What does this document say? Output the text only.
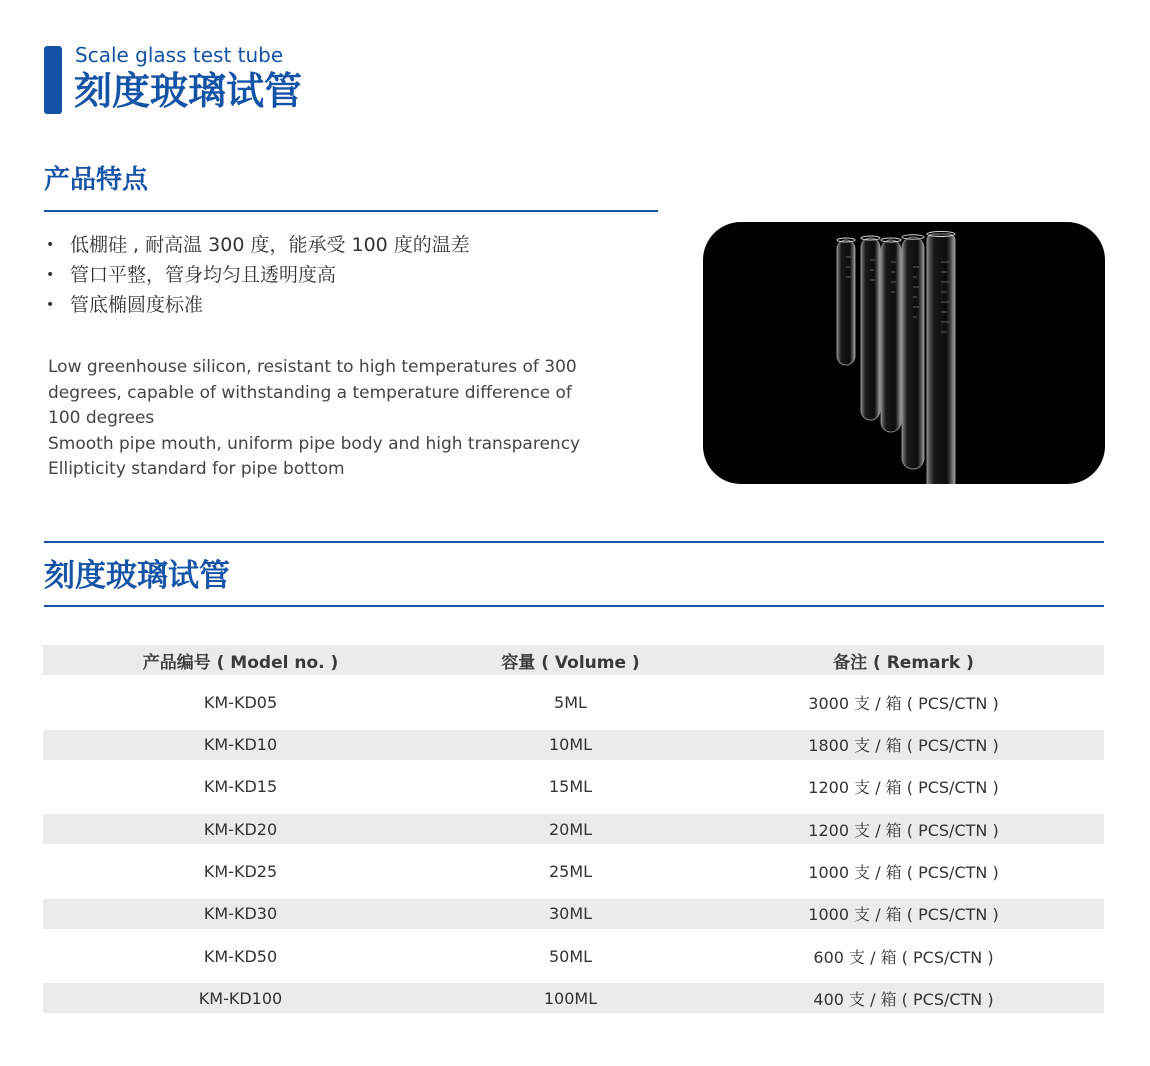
Scale glass test tube
刻度玻璃试管
产品特点
• 低棚硅 , 耐高温 300 度，能承受 100 度的温差
• 管口平整，管身均匀且透明度高
• 管底椭圆度标准
Low greenhouse silicon, resistant to high temperatures of 300 degrees, capable of withstanding a temperature difference of 100 degrees
Smooth pipe mouth, uniform pipe body and high transparency
Ellipticity standard for pipe bottom
刻度玻璃试管
产品编号 ( Model no. )	容量 ( Volume )	备注 ( Remark )
KM-KD05	5ML	3000 支 / 箱 ( PCS/CTN )
KM-KD10	10ML	1800 支 / 箱 ( PCS/CTN )
KM-KD15	15ML	1200 支 / 箱 ( PCS/CTN )
KM-KD20	20ML	1200 支 / 箱 ( PCS/CTN )
KM-KD25	25ML	1000 支 / 箱 ( PCS/CTN )
KM-KD30	30ML	1000 支 / 箱 ( PCS/CTN )
KM-KD50	50ML	600 支 / 箱 ( PCS/CTN )
KM-KD100	100ML	400 支 / 箱 ( PCS/CTN )
